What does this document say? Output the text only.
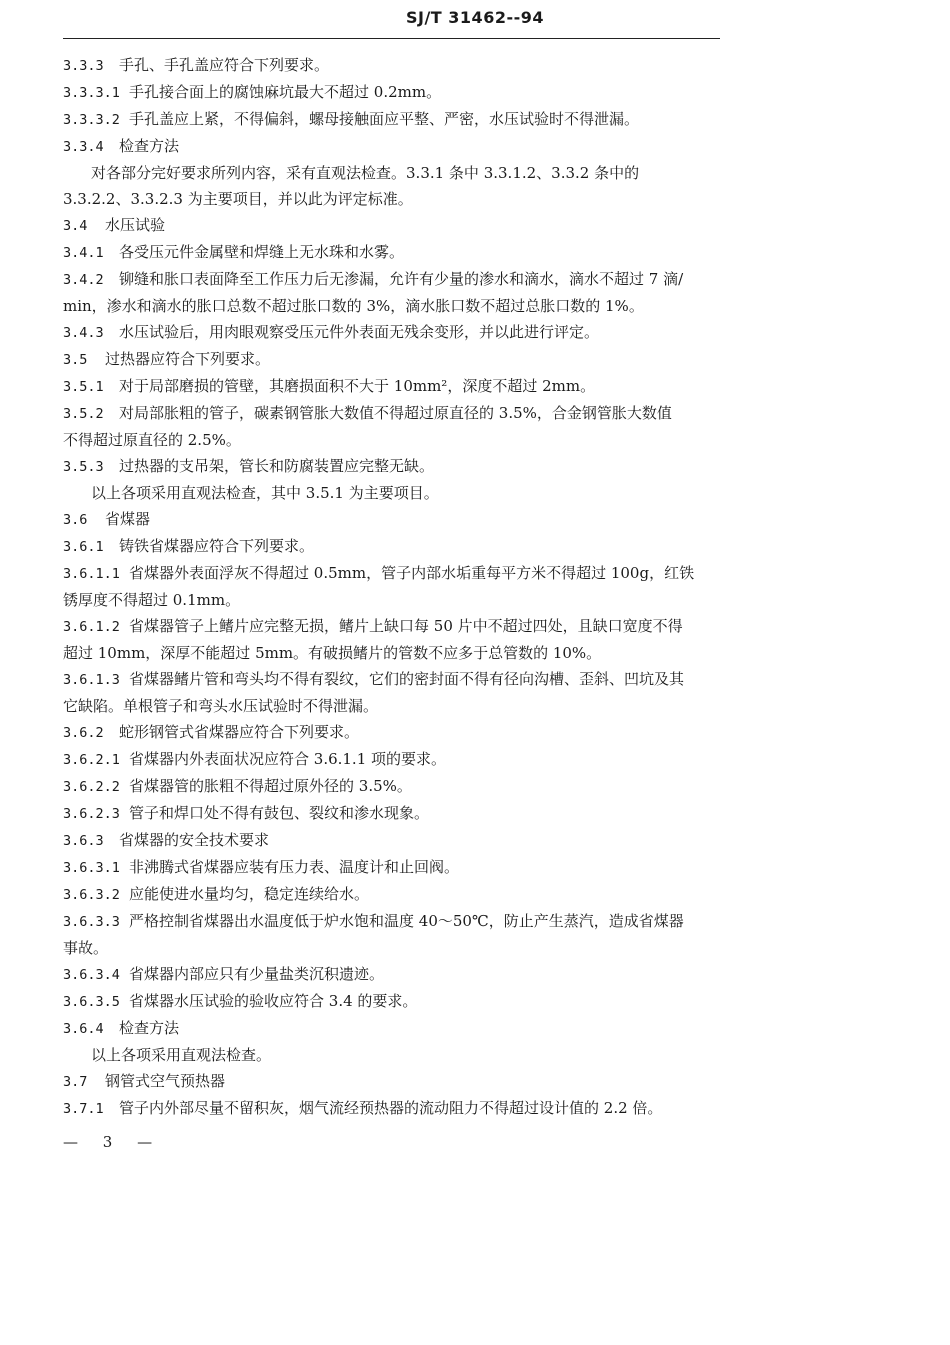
SJ/T 31462--94

3.3.3 手孔、手孔盖应符合下列要求。

3.3.3.1 手孔接合面上的腐蚀麻坑最大不超过 0.2mm。

3.3.3.2 手孔盖应上紧，不得偏斜，螺母接触面应平整、严密，水压试验时不得泄漏。

3.3.4 检查方法

对各部分完好要求所列内容，采有直观法检查。3.3.1 条中 3.3.1.2、3.3.2 条中的

3.3.2.2、3.3.2.3 为主要项目，并以此为评定标准。

3.4 水压试验

3.4.1 各受压元件金属壁和焊缝上无水珠和水雾。

3.4.2 铆缝和胀口表面降至工作压力后无渗漏，允许有少量的渗水和滴水，滴水不超过 7 滴/

min，渗水和滴水的胀口总数不超过胀口数的 3%，滴水胀口数不超过总胀口数的 1%。

3.4.3 水压试验后，用肉眼观察受压元件外表面无残余变形，并以此进行评定。

3.5 过热器应符合下列要求。

3.5.1 对于局部磨损的管壁，其磨损面积不大于 10mm²，深度不超过 2mm。

3.5.2 对局部胀粗的管子，碳素钢管胀大数值不得超过原直径的 3.5%，合金钢管胀大数值

不得超过原直径的 2.5%。

3.5.3 过热器的支吊架，管长和防腐装置应完整无缺。

以上各项采用直观法检查，其中 3.5.1 为主要项目。

3.6 省煤器

3.6.1 铸铁省煤器应符合下列要求。

3.6.1.1 省煤器外表面浮灰不得超过 0.5mm，管子内部水垢重每平方米不得超过 100g，红铁

锈厚度不得超过 0.1mm。

3.6.1.2 省煤器管子上鳍片应完整无损，鳍片上缺口每 50 片中不超过四处，且缺口宽度不得

超过 10mm，深厚不能超过 5mm。有破损鳍片的管数不应多于总管数的 10%。

3.6.1.3 省煤器鳍片管和弯头均不得有裂纹，它们的密封面不得有径向沟槽、歪斜、凹坑及其

它缺陷。单根管子和弯头水压试验时不得泄漏。

3.6.2 蛇形钢管式省煤器应符合下列要求。

3.6.2.1 省煤器内外表面状况应符合 3.6.1.1 项的要求。

3.6.2.2 省煤器管的胀粗不得超过原外径的 3.5%。

3.6.2.3 管子和焊口处不得有鼓包、裂纹和渗水现象。

3.6.3 省煤器的安全技术要求

3.6.3.1 非沸腾式省煤器应装有压力表、温度计和止回阀。

3.6.3.2 应能使进水量均匀，稳定连续给水。

3.6.3.3 严格控制省煤器出水温度低于炉水饱和温度 40～50℃，防止产生蒸汽，造成省煤器

事故。

3.6.3.4 省煤器内部应只有少量盐类沉积遗迹。

3.6.3.5 省煤器水压试验的验收应符合 3.4 的要求。

3.6.4 检查方法

以上各项采用直观法检查。

3.7 钢管式空气预热器

3.7.1 管子内外部尽量不留积灰，烟气流经预热器的流动阻力不得超过设计值的 2.2 倍。

— 3 —
